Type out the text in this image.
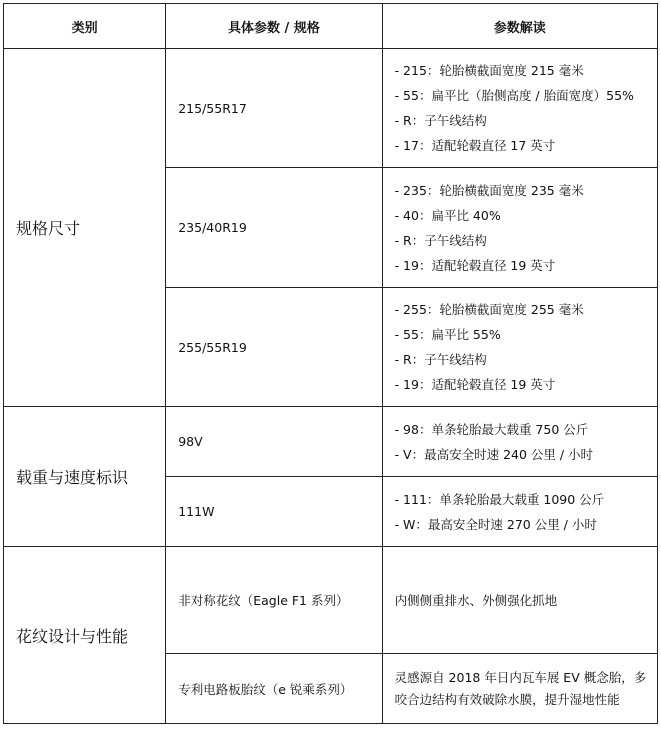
类别	具体参数 / 规格	参数解读
规格尺寸	215/55R17	- 215：轮胎横截面宽度 215 毫米
- 55：扁平比（胎侧高度 / 胎面宽度）55%
- R：子午线结构
- 17：适配轮毂直径 17 英寸

	235/40R19	- 235：轮胎横截面宽度 235 毫米
- 40：扁平比 40%
- R：子午线结构
- 19：适配轮毂直径 19 英寸

	255/55R19	- 255：轮胎横截面宽度 255 毫米
- 55：扁平比 55%
- R：子午线结构
- 19：适配轮毂直径 19 英寸

载重与速度标识	98V	- 98：单条轮胎最大载重 750 公斤
- V：最高安全时速 240 公里 / 小时

	111W	- 111：单条轮胎最大载重 1090 公斤
- W：最高安全时速 270 公里 / 小时

花纹设计与性能	非对称花纹（Eagle F1 系列）	内侧侧重排水、外侧强化抓地

	专利电路板胎纹（e 锐乘系列）	灵感源自 2018 年日内瓦车展 EV 概念胎，多咬合边结构有效破除水膜，提升湿地性能
